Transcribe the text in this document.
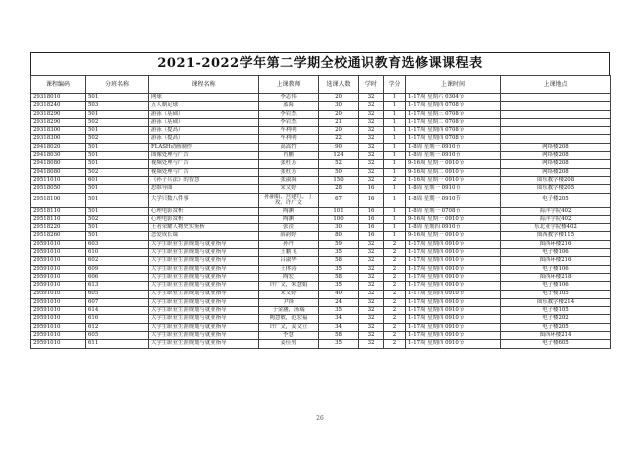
2021-2022学年第二学期全校通识教育选修课课程表
课程编码	分班名称	课程名称	上课教师	选课人数	学时	学分	上课时间	上课地点
29318010	501	网球	李志伟	20	32	1	1-17周 星期六 0304节	
29318240	503	五人制足球	蓝海	30	32	1	1-17周 星期四 0708节	
29318290	501	游泳（基础）	李岩杰	20	32	1	1-17周 星期三 0708节	
29318290	502	游泳（基础）	李岩杰	21	32	1	1-17周 星期二 0708节	
29318300	501	游泳（提高）	车利明	20	32	1	1-17周 星期四 0708节	
29318300	502	游泳（提高）	车利明	22	32	1	1-17周 星期四 0708节	
29418020	501	FLASH动画制作	高嵩竹	90	32	1	1-8周 星期一 0910节	网络楼208
29418030	501	图像处理与广告	肖鹏	124	32	1	1-8周 星期一 0910节	网络楼208
29418080	501	视频处理与广告	张杜芳	52	32	1	9-16周 星期一 0910节	网络楼208
29418080	502	视频处理与广告	张杜芳	50	32	1	9-16周 星期二 0910节	网络楼208
29511010	601	《孙子兵法》的智慧	张淑海	150	32	2	1-16周 星期一 0910节	图东教学楼208
29518050	501	思维导图	宋文婷	28	16	1	1-8周 星期一 0910节	图东教学楼205
29518100	501	大学只数八件事	孙丽娟，宫建红，丁玫，许广文	67	16	1	1-8周 星期一 0910节	电子楼205
29518110	501	心理电影赏析	陶渊	101	16	1	1-8周 星期一 0708节	海洋学院402
29518110	502	心理电影赏析	陶渊	100	16	1	9-16周 星期一 0910节	海洋学院402
29518220	501	王者荣耀人物史实鉴析	张滢	30	16	1	1-8周 星期四 0910节	东北亚学院楼402
29518260	501	恋爱成长课	薛韵婷	80	16	1	9-16周 星期一 0910节	图西教学楼115
29591010	603	大学生职业生涯规划与就业指导	孙丹	59	32	2	1-17周 星期四 0910节	图西环楼216
29591010	610	大学生职业生涯规划与就业指导	王鹏飞	35	32	2	1-17周 星期四 0910节	电子楼106
29591010	602	大学生职业生涯规划与就业指导	吕淑华	58	32	2	1-17周 星期四 0910节	图西环楼216
29591010	609	大学生职业生涯规划与就业指导	王体涛	35	32	2	1-17周 星期四 0910节	电子楼106
29591010	606	大学生职业生涯规划与就业指导	陶宏	58	32	2	1-17周 星期四 0910节	图西环楼218
29591010	613	大学生职业生涯规划与就业指导	许广文，朱慧娟	35	32	2	1-17周 星期四 0910节	电子楼106
29591010	605	大学生职业生涯规划与就业指导	宋文婷	40	32	2	1-17周 星期四 0910节	电子楼105
29591010	607	大学生职业生涯规划与就业指导	尹锋	24	32	2	1-17周 星期四 0910节	图东教学楼214
29591010	614	大学生职业生涯规划与就业指导	于金涵，汤瑞	35	32	2	1-17周 星期四 0910节	电子楼105
29591010	616	大学生职业生涯规划与就业指导	陶慧敏，范宏福	34	32	2	1-17周 星期四 0910节	电子楼202
29591010	612	大学生职业生涯规划与就业指导	许广文，姜文立	34	32	2	1-17周 星期四 0910节	电子楼205
29591010	605	大学生职业生涯规划与就业指导	李慧	58	32	2	1-17周 星期四 0910节	图西环楼214
29591010	611	大学生职业生涯规划与就业指导	姜佳男	35	32	2	1-17周 星期四 0910节	电子楼605
26
